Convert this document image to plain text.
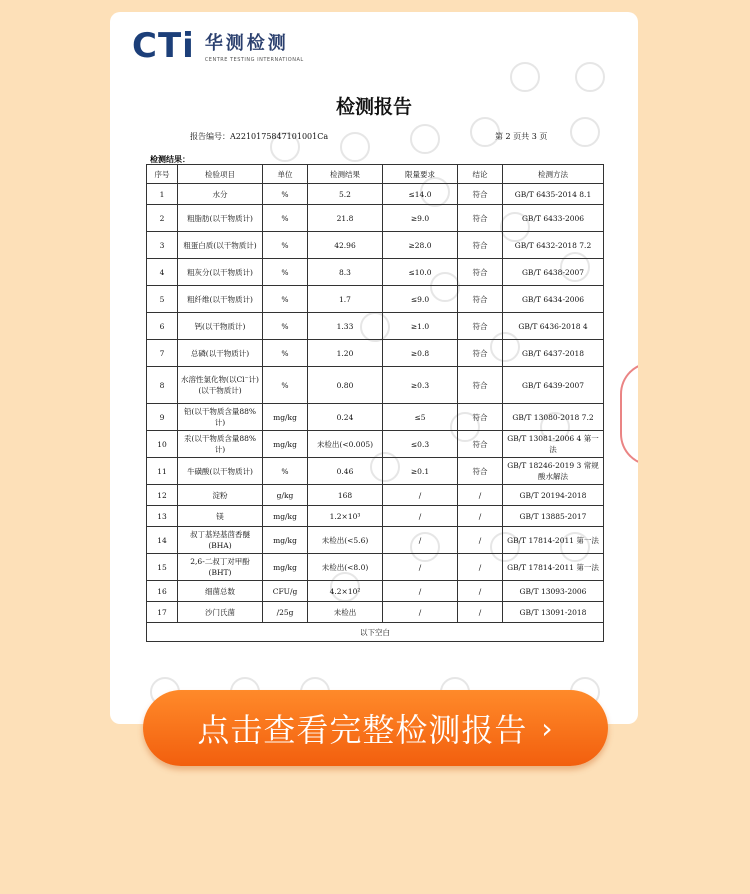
CTi 华测检测
CENTRE TESTING INTERNATIONAL
检测报告
报告编号：A2210175847101001Ca	第 2 页共 3 页
检测结果：
序号	检验项目	单位	检测结果	限量要求	结论	检测方法
1	水分	%	5.2	≤14.0	符合	GB/T 6435-2014 8.1
2	粗脂肪(以干物质计)	%	21.8	≥9.0	符合	GB/T 6433-2006
3	粗蛋白质(以干物质计)	%	42.96	≥28.0	符合	GB/T 6432-2018 7.2
4	粗灰分(以干物质计)	%	8.3	≤10.0	符合	GB/T 6438-2007
5	粗纤维(以干物质计)	%	1.7	≤9.0	符合	GB/T 6434-2006
6	钙(以干物质计)	%	1.33	≥1.0	符合	GB/T 6436-2018 4
7	总磷(以干物质计)	%	1.20	≥0.8	符合	GB/T 6437-2018
8	水溶性氯化物(以Cl⁻计)(以干物质计)	%	0.80	≥0.3	符合	GB/T 6439-2007
9	铅(以干物质含量88%计)	mg/kg	0.24	≤5	符合	GB/T 13080-2018 7.2
10	汞(以干物质含量88%计)	mg/kg	未检出(<0.005)	≤0.3	符合	GB/T 13081-2006 4 第一法
11	牛磺酸(以干物质计)	%	0.46	≥0.1	符合	GB/T 18246-2019 3 常规酸水解法
12	淀粉	g/kg	168	/	/	GB/T 20194-2018
13	镁	mg/kg	1.2×10³	/	/	GB/T 13885-2017
14	叔丁基羟基茴香醚(BHA)	mg/kg	未检出(<5.6)	/	/	GB/T 17814-2011 第一法
15	2,6-二叔丁对甲酚(BHT)	mg/kg	未检出(<8.0)	/	/	GB/T 17814-2011 第一法
16	细菌总数	CFU/g	4.2×10²	/	/	GB/T 13093-2006
17	沙门氏菌	/25g	未检出	/	/	GB/T 13091-2018
以下空白						
点击查看完整检测报告 ›
